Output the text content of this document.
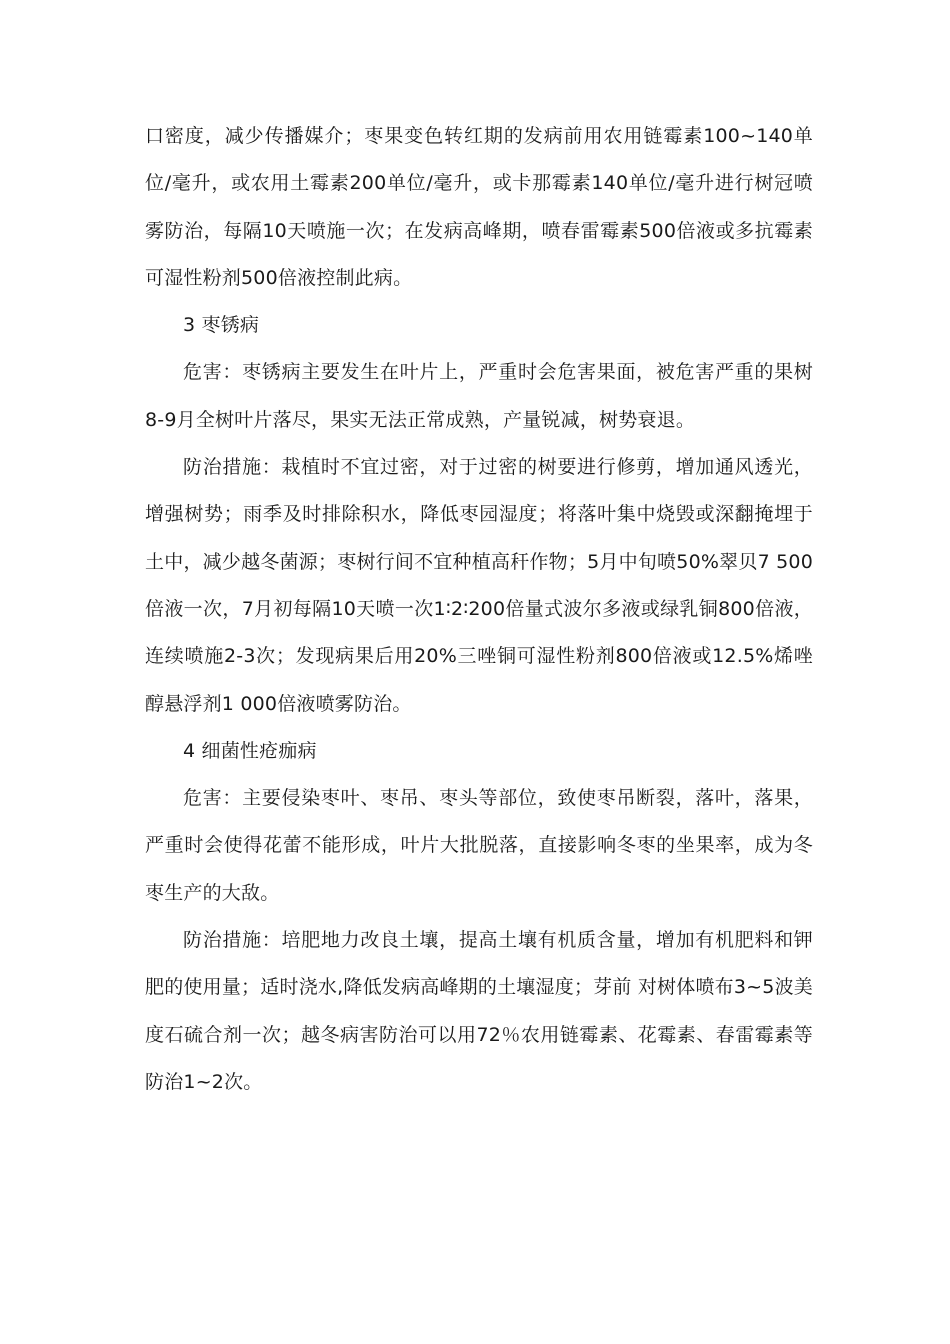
口密度，减少传播媒介；枣果变色转红期的发病前用农用链霉素100~140单位/毫升，或农用土霉素200单位/毫升，或卡那霉素140单位/毫升进行树冠喷雾防治，每隔10天喷施一次；在发病高峰期，喷春雷霉素500倍液或多抗霉素可湿性粉剂500倍液控制此病。

3 枣锈病

危害：枣锈病主要发生在叶片上，严重时会危害果面，被危害严重的果树8-9月全树叶片落尽，果实无法正常成熟，产量锐减，树势衰退。

防治措施：栽植时不宜过密，对于过密的树要进行修剪，增加通风透光，增强树势；雨季及时排除积水，降低枣园湿度；将落叶集中烧毁或深翻掩埋于土中，减少越冬菌源；枣树行间不宜种植高秆作物；5月中旬喷50%翠贝7 500倍液一次，7月初每隔10天喷一次1∶2∶200倍量式波尔多液或绿乳铜800倍液，连续喷施2-3次；发现病果后用20%三唑铜可湿性粉剂800倍液或12.5%烯唑醇悬浮剂1 000倍液喷雾防治。

4 细菌性疮痂病

危害：主要侵染枣叶、枣吊、枣头等部位，致使枣吊断裂，落叶，落果，严重时会使得花蕾不能形成，叶片大批脱落，直接影响冬枣的坐果率，成为冬枣生产的大敌。

防治措施：培肥地力改良土壤，提高土壤有机质含量，增加有机肥料和钾肥的使用量；适时浇水,降低发病高峰期的土壤湿度；芽前 对树体喷布3~5波美度石硫合剂一次；越冬病害防治可以用72％农用链霉素、花霉素、春雷霉素等防治1~2次。
